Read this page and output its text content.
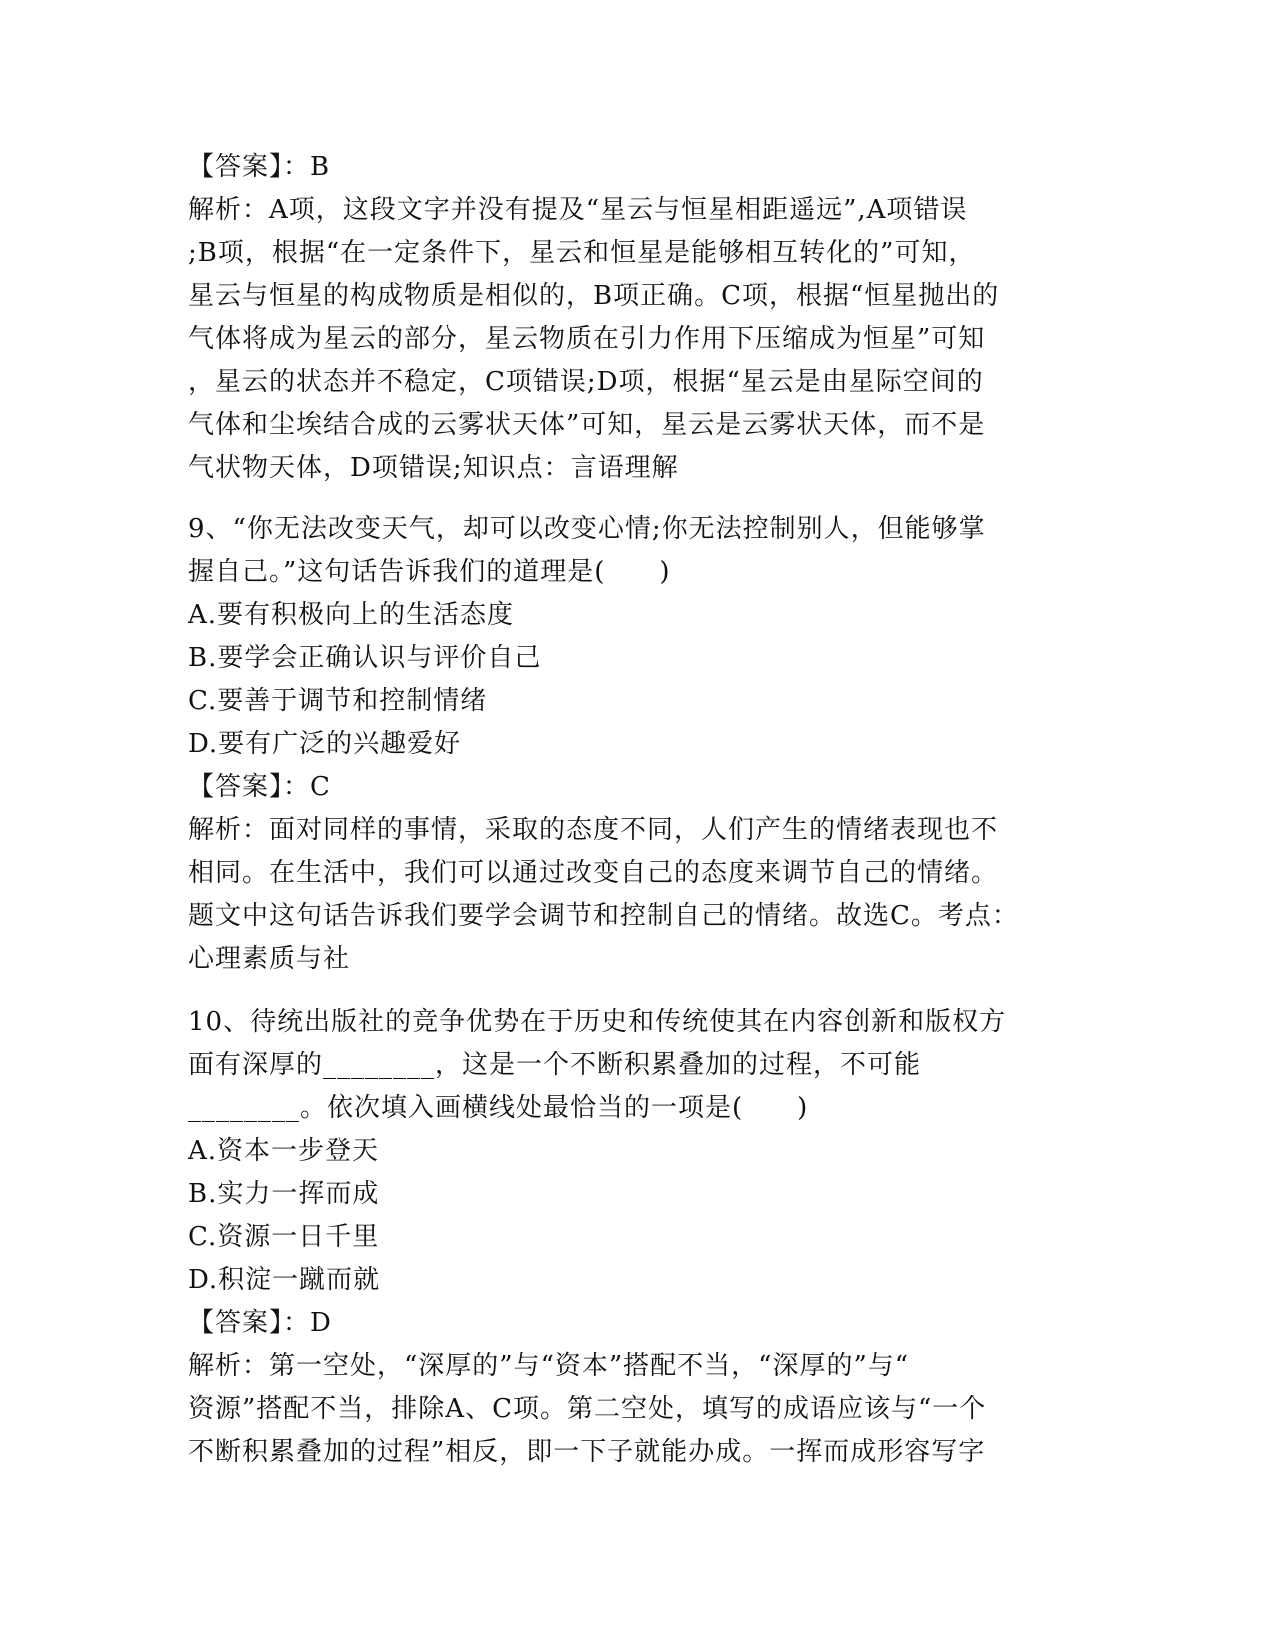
【答案】：B
解析：A项，这段文字并没有提及“星云与恒星相距遥远”,A项错误
;B项，根据“在一定条件下，星云和恒星是能够相互转化的”可知，
星云与恒星的构成物质是相似的，B项正确。C项，根据“恒星抛出的
气体将成为星云的部分，星云物质在引力作用下压缩成为恒星”可知
，星云的状态并不稳定，C项错误;D项，根据“星云是由星际空间的
气体和尘埃结合成的云雾状天体”可知，星云是云雾状天体，而不是
气状物天体，D项错误;知识点：言语理解
9、“你无法改变天气，却可以改变心情;你无法控制别人，但能够掌
握自己。”这句话告诉我们的道理是(　　)
A.要有积极向上的生活态度
B.要学会正确认识与评价自己
C.要善于调节和控制情绪
D.要有广泛的兴趣爱好
【答案】：C
解析：面对同样的事情，采取的态度不同，人们产生的情绪表现也不
相同。在生活中，我们可以通过改变自己的态度来调节自己的情绪。
题文中这句话告诉我们要学会调节和控制自己的情绪。故选C。考点：
心理素质与社
10、待统出版社的竞争优势在于历史和传统使其在内容创新和版权方
面有深厚的________，这是一个不断积累叠加的过程，不可能
________。依次填入画横线处最恰当的一项是(　　)
A.资本一步登天
B.实力一挥而成
C.资源一日千里
D.积淀一蹴而就
【答案】：D
解析：第一空处，“深厚的”与“资本”搭配不当，“深厚的”与“
资源”搭配不当，排除A、C项。第二空处，填写的成语应该与“一个
不断积累叠加的过程”相反，即一下子就能办成。一挥而成形容写字
